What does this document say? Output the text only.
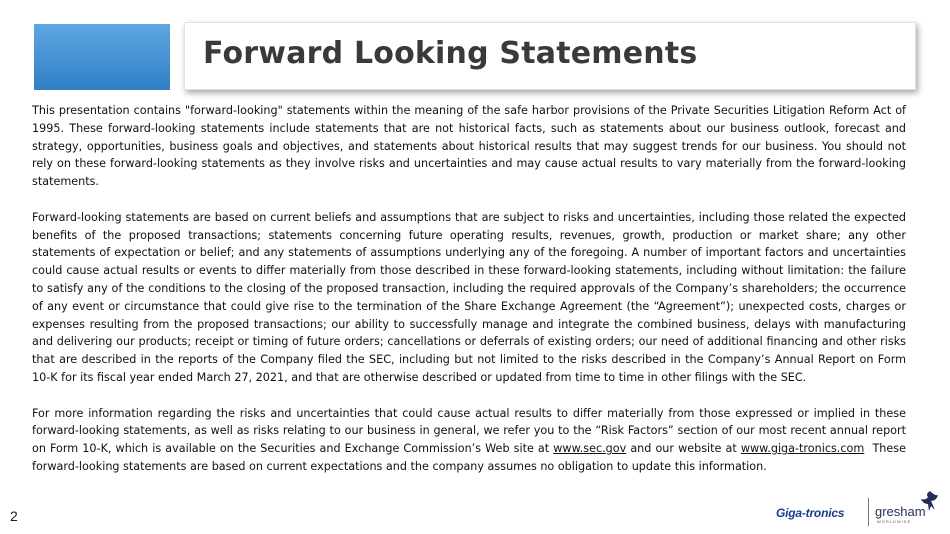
Forward Looking Statements

This presentation contains "forward-looking" statements within the meaning of the safe harbor provisions of the Private Securities Litigation Reform Act of 1995. These forward-looking statements include statements that are not historical facts, such as statements about our business outlook, forecast and strategy, opportunities, business goals and objectives, and statements about historical results that may suggest trends for our business. You should not rely on these forward-looking statements as they involve risks and uncertainties and may cause actual results to vary materially from the forward-looking statements.

Forward-looking statements are based on current beliefs and assumptions that are subject to risks and uncertainties, including those related the expected benefits of the proposed transactions; statements concerning future operating results, revenues, growth, production or market share; any other statements of expectation or belief; and any statements of assumptions underlying any of the foregoing. A number of important factors and uncertainties could cause actual results or events to differ materially from those described in these forward-looking statements, including without limitation: the failure to satisfy any of the conditions to the closing of the proposed transaction, including the required approvals of the Company’s shareholders; the occurrence of any event or circumstance that could give rise to the termination of the Share Exchange Agreement (the “Agreement”); unexpected costs, charges or expenses resulting from the proposed transactions; our ability to successfully manage and integrate the combined business, delays with manufacturing and delivering our products; receipt or timing of future orders; cancellations or deferrals of existing orders; our need of additional financing and other risks that are described in the reports of the Company filed the SEC, including but not limited to the risks described in the Company’s Annual Report on Form 10-K for its fiscal year ended March 27, 2021, and that are otherwise described or updated from time to time in other filings with the SEC.

For more information regarding the risks and uncertainties that could cause actual results to differ materially from those expressed or implied in these forward-looking statements, as well as risks relating to our business in general, we refer you to the “Risk Factors” section of our most recent annual report on Form 10-K, which is available on the Securities and Exchange Commission’s Web site at www.sec.gov and our website at www.giga-tronics.com These forward-looking statements are based on current expectations and the company assumes no obligation to update this information.

2	Giga-tronics gresham
WORLDWIDE
